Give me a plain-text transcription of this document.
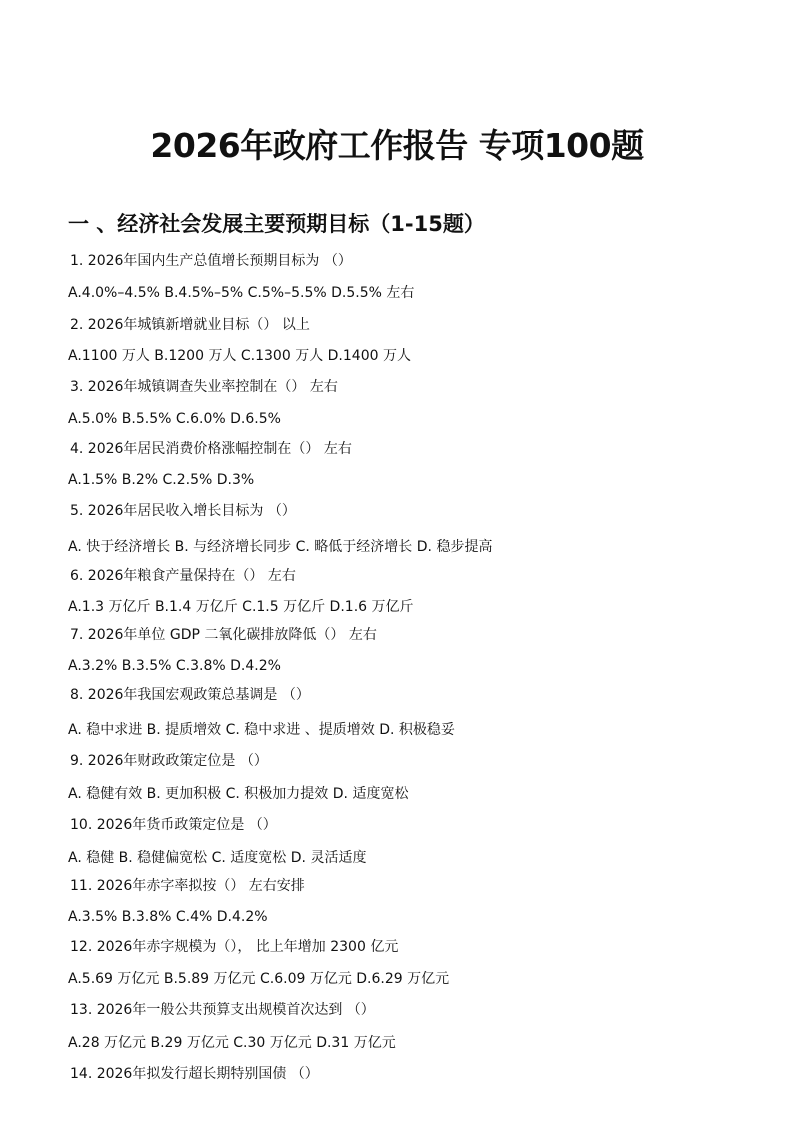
2026年政府工作报告 专项100题
一 、经济社会发展主要预期目标（1-15题）
1. 2026年国内生产总值增长预期目标为 （）
A.4.0%–4.5% B.4.5%–5% C.5%–5.5% D.5.5% 左右
2. 2026年城镇新增就业目标（） 以上
A.1100 万人 B.1200 万人 C.1300 万人 D.1400 万人
3. 2026年城镇调查失业率控制在（） 左右
A.5.0% B.5.5% C.6.0% D.6.5%
4. 2026年居民消费价格涨幅控制在（） 左右
A.1.5% B.2% C.2.5% D.3%
5. 2026年居民收入增长目标为 （）
A. 快于经济增长 B. 与经济增长同步 C. 略低于经济增长 D. 稳步提高
6. 2026年粮食产量保持在（） 左右
A.1.3 万亿斤 B.1.4 万亿斤 C.1.5 万亿斤 D.1.6 万亿斤
7. 2026年单位 GDP 二氧化碳排放降低（） 左右
A.3.2% B.3.5% C.3.8% D.4.2%
8. 2026年我国宏观政策总基调是 （）
A. 稳中求进 B. 提质增效 C. 稳中求进 、提质增效 D. 积极稳妥
9. 2026年财政政策定位是 （）
A. 稳健有效 B. 更加积极 C. 积极加力提效 D. 适度宽松
10. 2026年货币政策定位是 （）
A. 稳健 B. 稳健偏宽松 C. 适度宽松 D. 灵活适度
11. 2026年赤字率拟按（） 左右安排
A.3.5% B.3.8% C.4% D.4.2%
12. 2026年赤字规模为（）， 比上年增加 2300 亿元
A.5.69 万亿元 B.5.89 万亿元 C.6.09 万亿元 D.6.29 万亿元
13. 2026年一般公共预算支出规模首次达到 （）
A.28 万亿元 B.29 万亿元 C.30 万亿元 D.31 万亿元
14. 2026年拟发行超长期特别国债 （）
